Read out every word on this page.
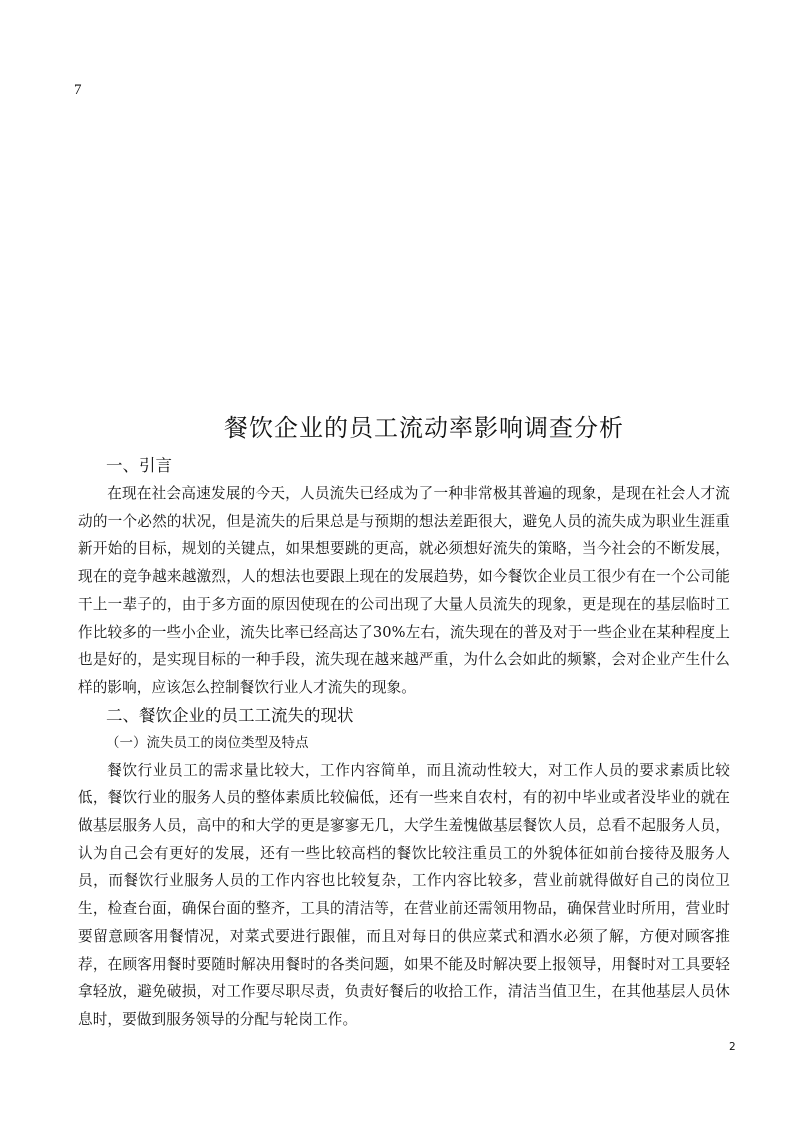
7
餐饮企业的员工流动率影响调查分析
一、引言

在现在社会高速发展的今天，人员流失已经成为了一种非常极其普遍的现象，是现在社会人才流动的一个必然的状况，但是流失的后果总是与预期的想法差距很大，避免人员的流失成为职业生涯重新开始的目标，规划的关键点，如果想要跳的更高，就必须想好流失的策略，当今社会的不断发展，现在的竞争越来越激烈，人的想法也要跟上现在的发展趋势，如今餐饮企业员工很少有在一个公司能干上一辈子的，由于多方面的原因使现在的公司出现了大量人员流失的现象，更是现在的基层临时工作比较多的一些小企业，流失比率已经高达了30%左右，流失现在的普及对于一些企业在某种程度上也是好的，是实现目标的一种手段，流失现在越来越严重，为什么会如此的频繁，会对企业产生什么样的影响，应该怎么控制餐饮行业人才流失的现象。

二、餐饮企业的员工工流失的现状
（一）流失员工的岗位类型及特点

餐饮行业员工的需求量比较大，工作内容简单，而且流动性较大，对工作人员的要求素质比较低，餐饮行业的服务人员的整体素质比较偏低，还有一些来自农村，有的初中毕业或者没毕业的就在做基层服务人员，高中的和大学的更是寥寥无几，大学生羞愧做基层餐饮人员，总看不起服务人员，认为自己会有更好的发展，还有一些比较高档的餐饮比较注重员工的外貌体征如前台接待及服务人员，而餐饮行业服务人员的工作内容也比较复杂，工作内容比较多，营业前就得做好自己的岗位卫生，检查台面，确保台面的整齐，工具的清洁等，在营业前还需领用物品，确保营业时所用，营业时要留意顾客用餐情况，对菜式要进行跟催，而且对每日的供应菜式和酒水必须了解，方便对顾客推荐，在顾客用餐时要随时解决用餐时的各类问题，如果不能及时解决要上报领导，用餐时对工具要轻拿轻放，避免破损，对工作要尽职尽责，负责好餐后的收拾工作，清洁当值卫生，在其他基层人员休息时，要做到服务领导的分配与轮岗工作。

2
